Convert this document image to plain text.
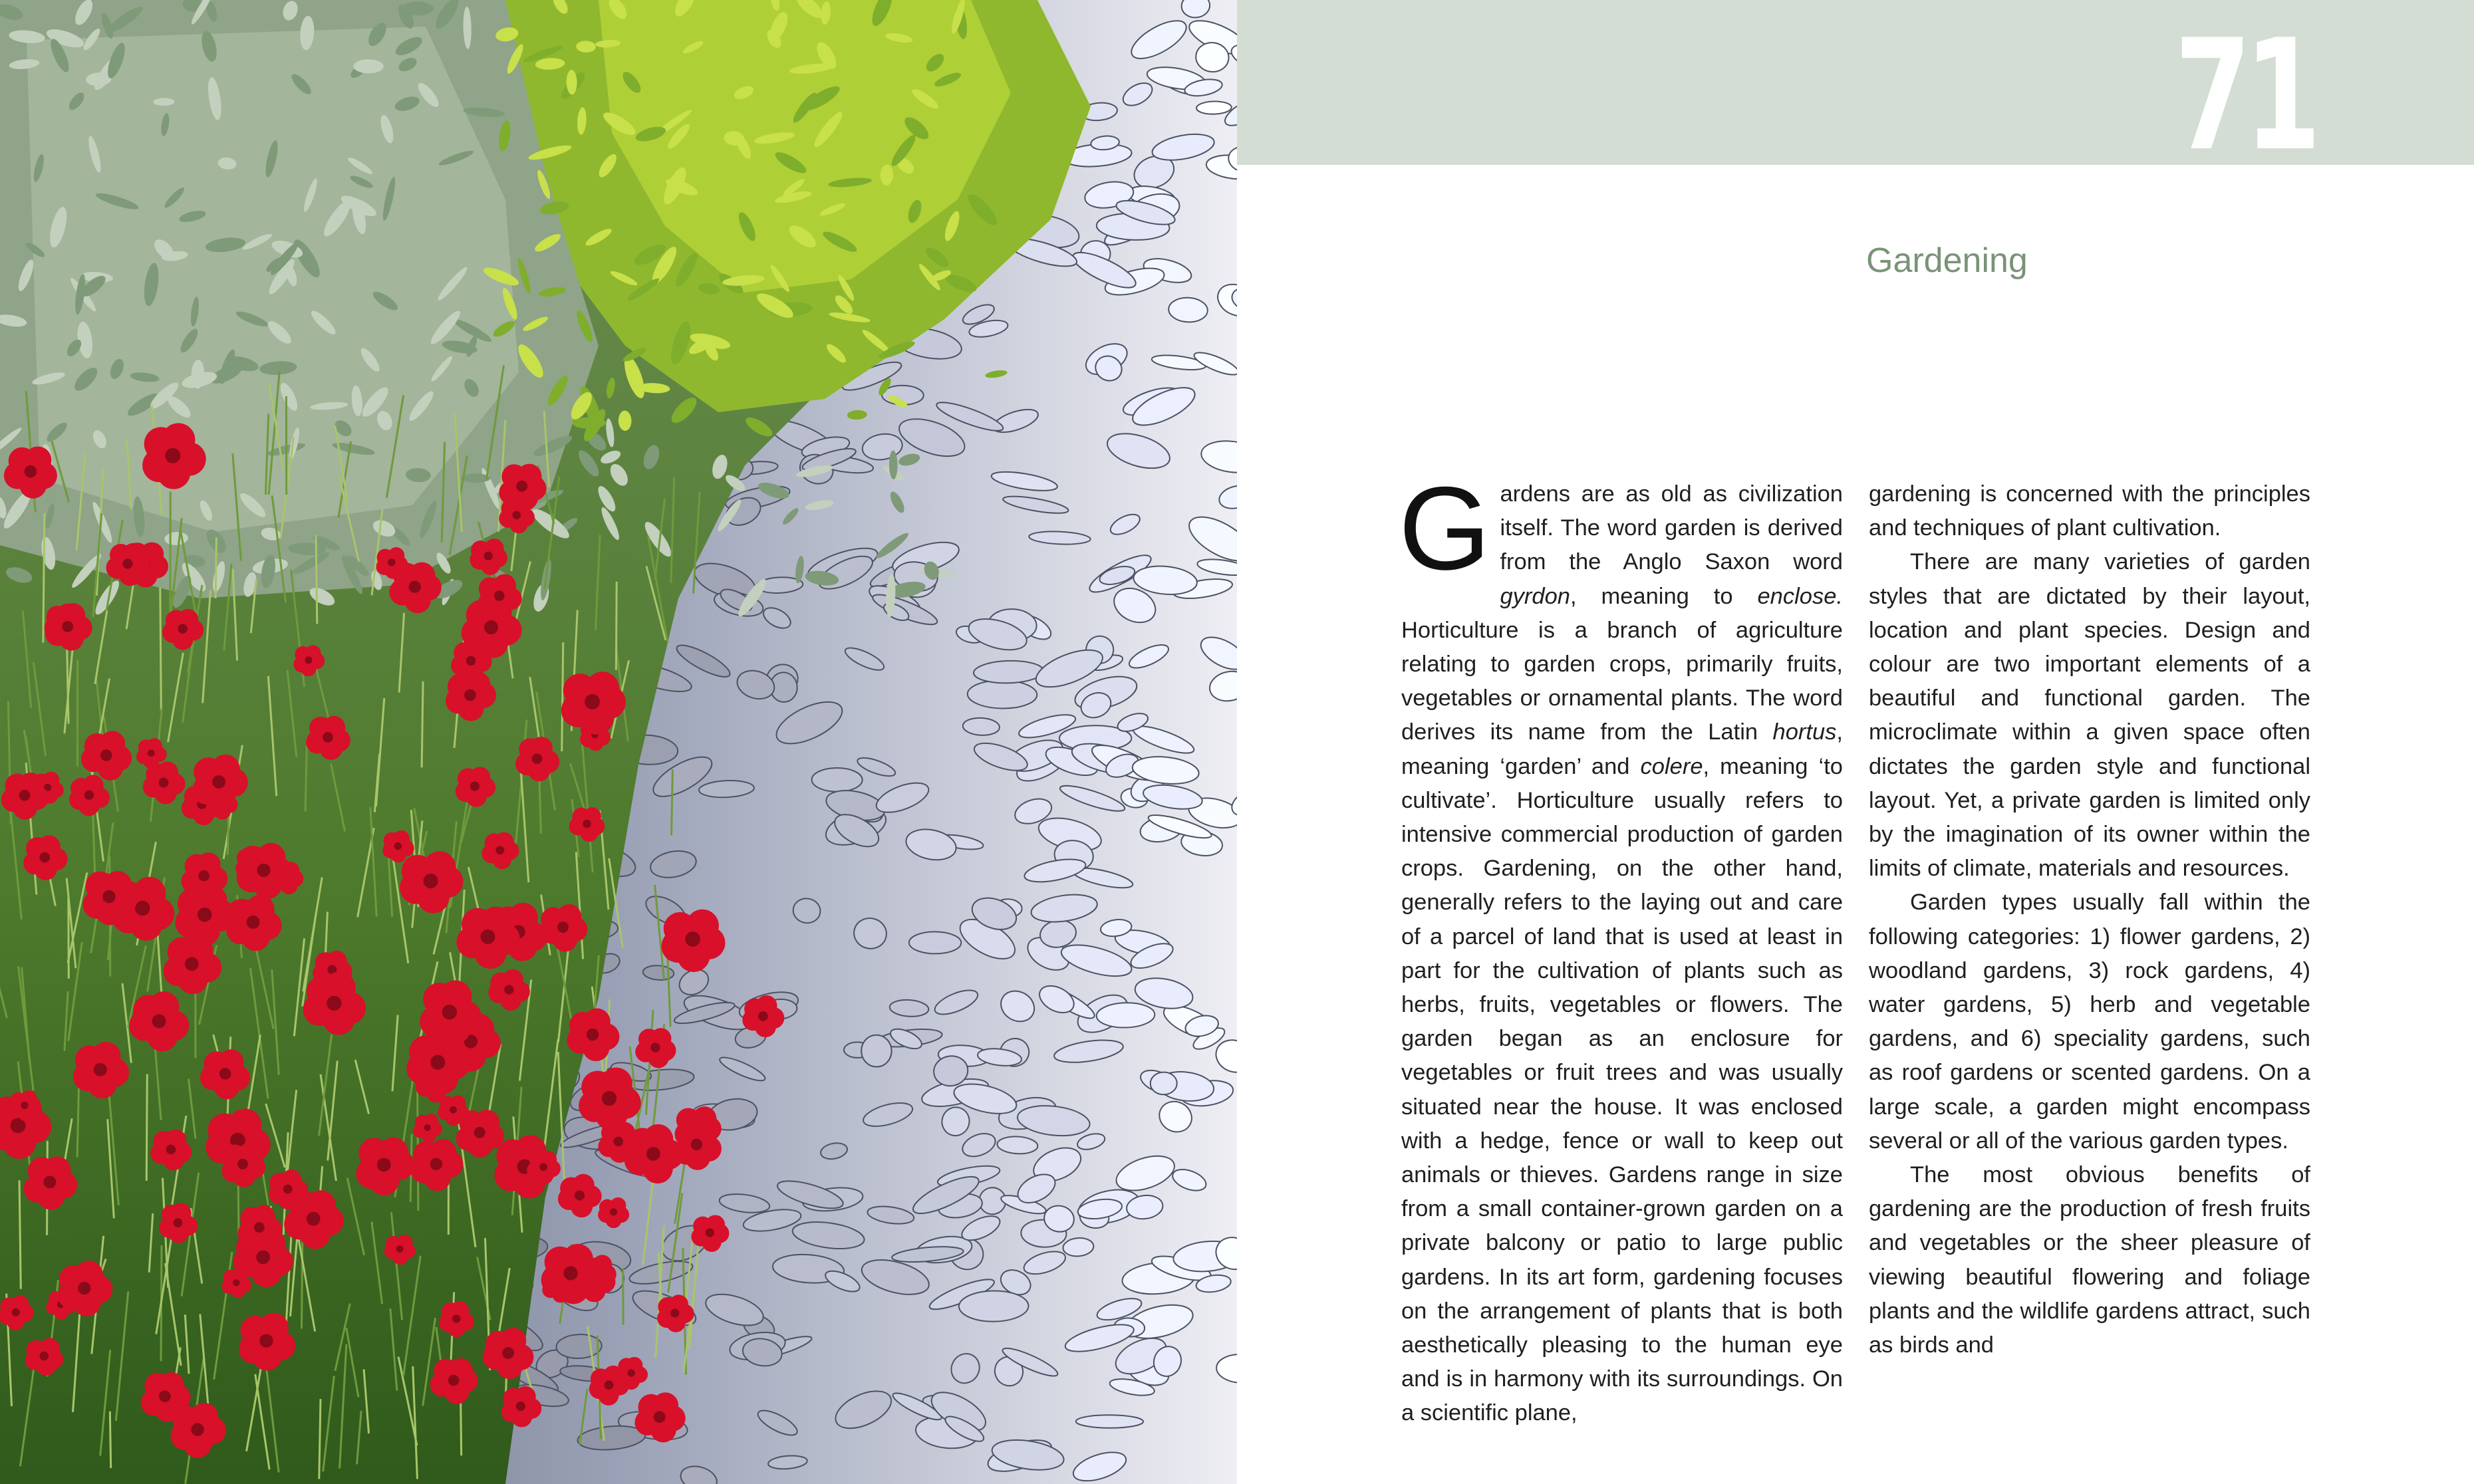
71
Gardening

G ardens are as old as civilization itself. The word garden is derived from the Anglo Saxon word gyrdon, meaning to enclose. Horticulture is a branch of agriculture relating to garden crops, primarily fruits, vegetables or ornamental plants. The word derives its name from the Latin hortus, meaning ‘garden’ and colere, meaning ‘to cultivate’. Horticulture usually refers to intensive commercial production of garden crops. Gardening, on the other hand, generally refers to the laying out and care of a parcel of land that is used at least in part for the cultivation of plants such as herbs, fruits, vegetables or flowers. The garden began as an enclosure for vegetables or fruit trees and was usually situated near the house. It was enclosed with a hedge, fence or wall to keep out animals or thieves. Gardens range in size from a small container-grown garden on a private balcony or patio to large public gardens. In its art form, gardening focuses on the arrangement of plants that is both aesthetically pleasing to the human eye and is in harmony with its surroundings. On a scientific plane,

gardening is concerned with the principles and techniques of plant cultivation.

There are many varieties of garden styles that are dictated by their layout, location and plant species. Design and colour are two important elements of a beautiful and functional garden. The microclimate within a given space often dictates the garden style and functional layout. Yet, a private garden is limited only by the imagination of its owner within the limits of climate, materials and resources.

Garden types usually fall within the following categories: 1) flower gardens, 2) woodland gardens, 3) rock gardens, 4) water gardens, 5) herb and vegetable gardens, and 6) speciality gardens, such as roof gardens or scented gardens. On a large scale, a garden might encompass several or all of the various garden types.

The most obvious benefits of gardening are the production of fresh fruits and vegetables or the sheer pleasure of viewing beautiful flowering and foliage plants and the wildlife gardens attract, such as birds and
